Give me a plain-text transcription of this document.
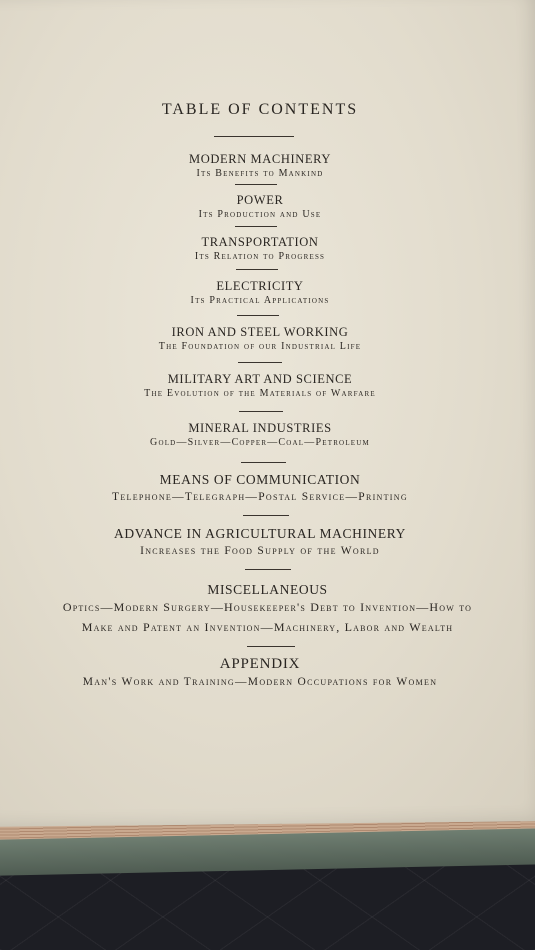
TABLE OF CONTENTS
MODERN MACHINERY
Its Benefits to Mankind
POWER
Its Production and Use
TRANSPORTATION
Its Relation to Progress
ELECTRICITY
Its Practical Applications
IRON AND STEEL WORKING
The Foundation of our Industrial Life
MILITARY ART AND SCIENCE
The Evolution of the Materials of Warfare
MINERAL INDUSTRIES
Gold—Silver—Copper—Coal—Petroleum
MEANS OF COMMUNICATION
Telephone—Telegraph—Postal Service—Printing
ADVANCE IN AGRICULTURAL MACHINERY
Increases the Food Supply of the World
MISCELLANEOUS
Optics—Modern Surgery—Housekeeper's Debt to Invention—How to
Make and Patent an Invention—Machinery, Labor and Wealth
APPENDIX
Man's Work and Training—Modern Occupations for Women
